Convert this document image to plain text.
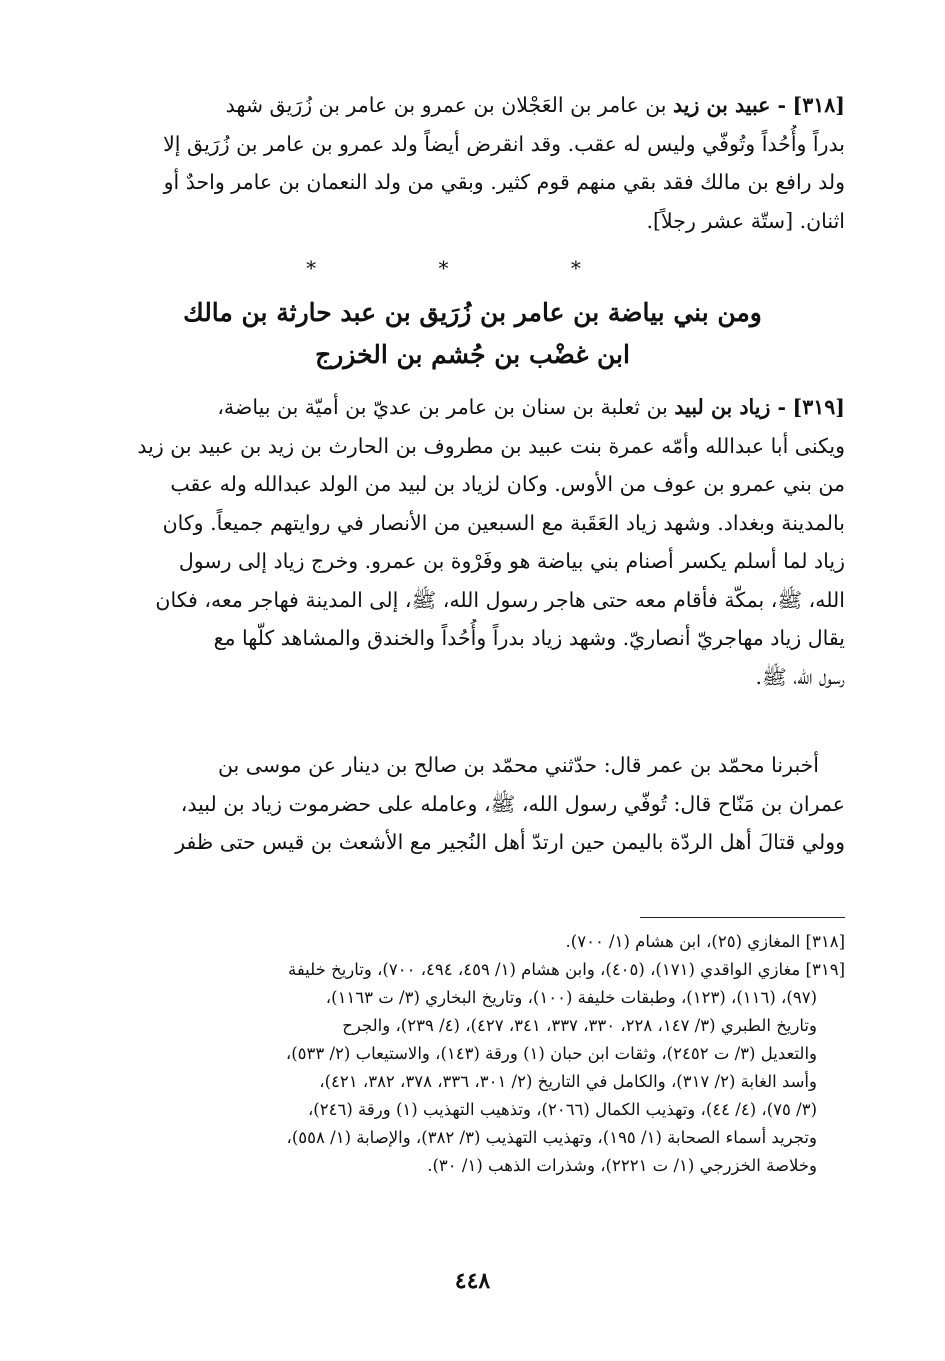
[٣١٨] - عبيد بن زيد بن عامر بن العَجْلان بن عمرو بن عامر بن زُرَيق شهد
بدراً وأُحُداً وتُوفّي وليس له عقب. وقد انقرض أيضاً ولد عمرو بن عامر بن زُرَيق إلا
ولد رافع بن مالك فقد بقي منهم قوم كثير. وبقي من ولد النعمان بن عامر واحدٌ أو
اثنان. [ستّة عشر رجلاً].
* * *
ومن بني بياضة بن عامر بن زُرَيق بن عبد حارثة بن مالك
ابن غضْب بن جُشم بن الخزرج
[٣١٩] - زياد بن لبيد بن ثعلبة بن سنان بن عامر بن عديّ بن أميّة بن بياضة،
ويكنى أبا عبدالله وأمّه عمرة بنت عبيد بن مطروف بن الحارث بن زيد بن عبيد بن زيد
من بني عمرو بن عوف من الأوس. وكان لزياد بن لبيد من الولد عبدالله وله عقب
بالمدينة وبغداد. وشهد زياد العَقَبة مع السبعين من الأنصار في روايتهم جميعاً. وكان
زياد لما أسلم يكسر أصنام بني بياضة هو وفَرْوة بن عمرو. وخرج زياد إلى رسول
الله، ﷺ، بمكّة فأقام معه حتى هاجر رسول الله، ﷺ، إلى المدينة فهاجر معه، فكان
يقال زياد مهاجريّ أنصاريّ. وشهد زياد بدراً وأُحُداً والخندق والمشاهد كلّها مع
رسول الله، ﷺ.
أخبرنا محمّد بن عمر قال: حدّثني محمّد بن صالح بن دينار عن موسى بن
عمران بن مَنّاح قال: تُوفّي رسول الله، ﷺ، وعامله على حضرموت زياد بن لبيد،
وولي قتالَ أهل الردّة باليمن حين ارتدّ أهل النُجير مع الأشعث بن قيس حتى ظفر
[٣١٨] المغازي (٢٥)، ابن هشام (١/ ٧٠٠).
[٣١٩] مغازي الواقدي (١٧١)، (٤٠٥)، وابن هشام (١/ ٤٥٩، ٤٩٤، ٧٠٠)، وتاريخ خليفة
(٩٧)، (١١٦)، (١٢٣)، وطبقات خليفة (١٠٠)، وتاريخ البخاري (٣/ ت ١١٦٣)،
وتاريخ الطبري (٣/ ١٤٧، ٢٢٨، ٣٣٠، ٣٣٧، ٣٤١، ٤٢٧)، (٤/ ٢٣٩)، والجرح
والتعديل (٣/ ت ٢٤٥٢)، وثقات ابن حبان (١) ورقة (١٤٣)، والاستيعاب (٢/ ٥٣٣)،
وأسد الغابة (٢/ ٣١٧)، والكامل في التاريخ (٢/ ٣٠١، ٣٣٦، ٣٧٨، ٣٨٢، ٤٢١)،
(٣/ ٧٥)، (٤/ ٤٤)، وتهذيب الكمال (٢٠٦٦)، وتذهيب التهذيب (١) ورقة (٢٤٦)،
وتجريد أسماء الصحابة (١/ ١٩٥)، وتهذيب التهذيب (٣/ ٣٨٢)، والإصابة (١/ ٥٥٨)،
وخلاصة الخزرجي (١/ ت ٢٢٢١)، وشذرات الذهب (١/ ٣٠).
٤٤٨
